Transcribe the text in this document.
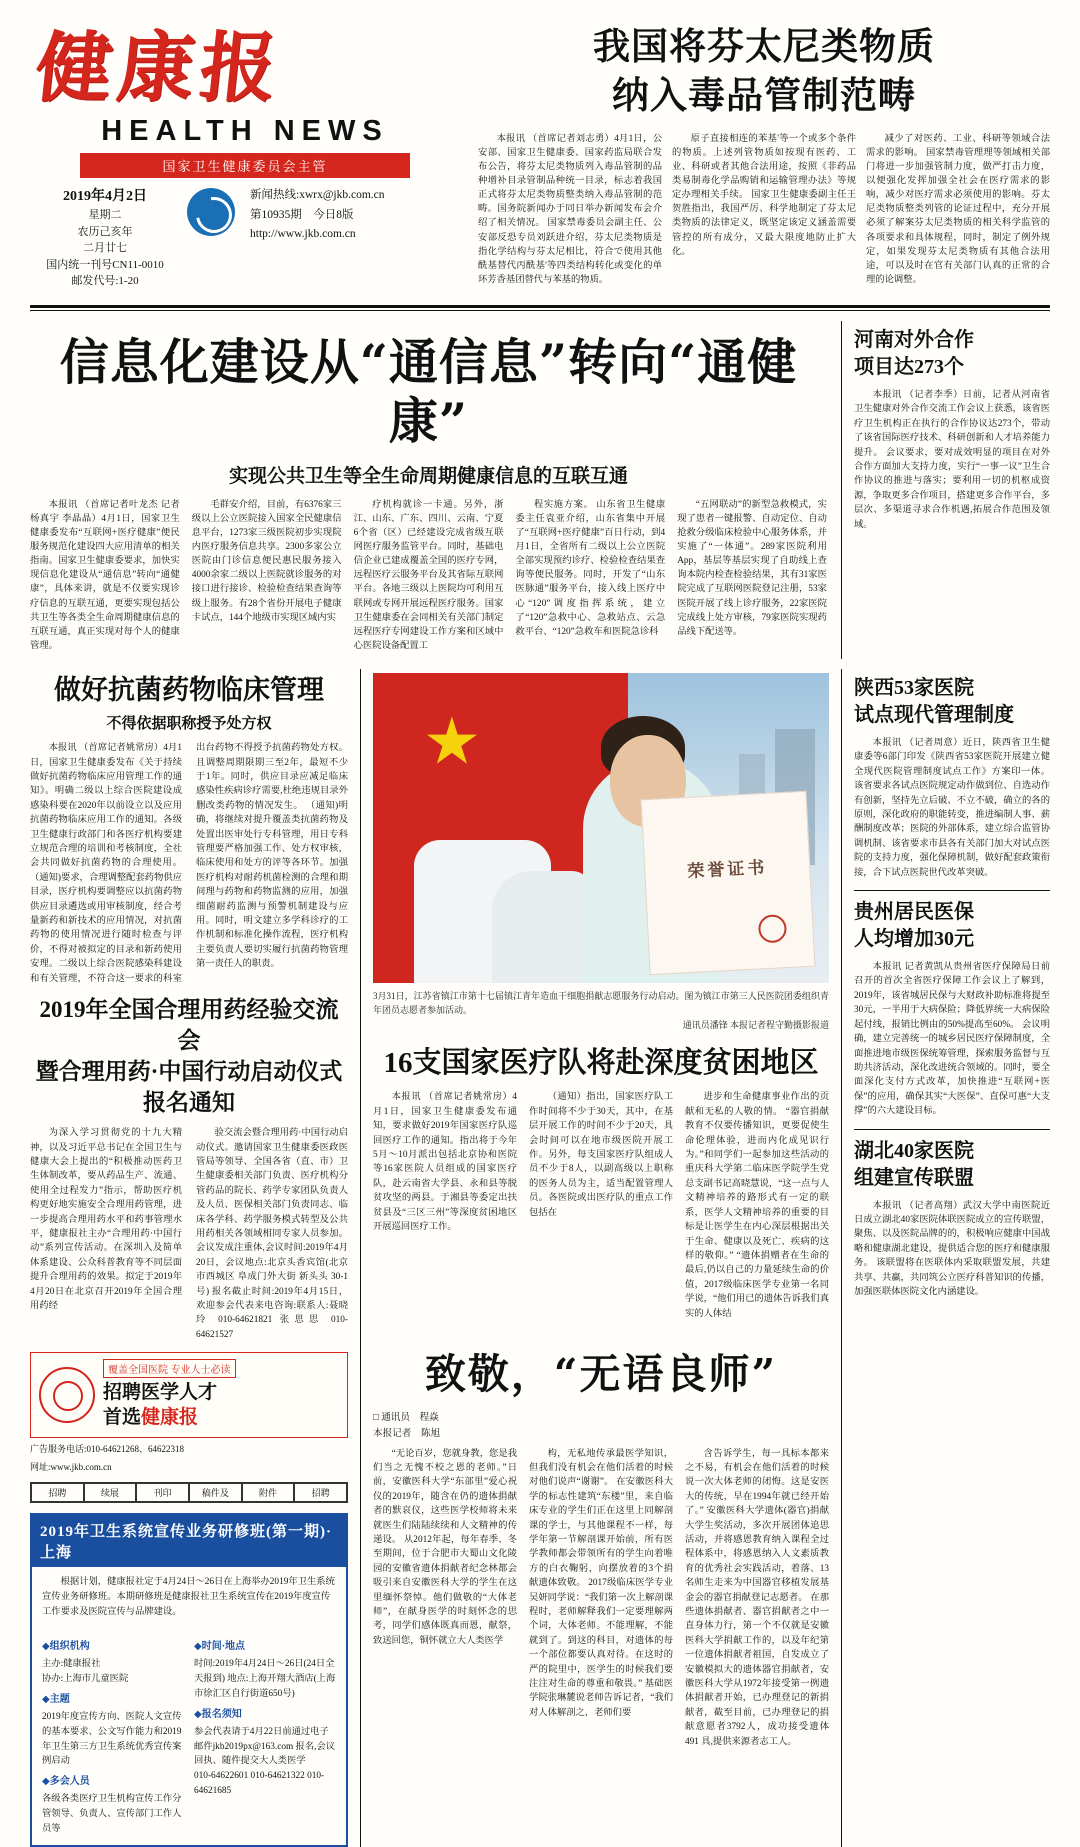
健康报
HEALTH NEWS
国家卫生健康委员会主管
2019年4月2日
星期二
农历己亥年
二月廿七
国内统一刊号CN11-0010
邮发代号:1-20
新闻热线:xwrx@jkb.com.cn
第10935期　 今日8版
http://www.jkb.com.cn
我国将芬太尼类物质
纳入毒品管制范畴

本报讯 （首席记者刘志勇）4月1日，公安部、国家卫生健康委、国家药监局联合发布公告，将芬太尼类物质列入毒品管制的品种增补目录管制品种统一目录，标志着我国正式将芬太尼类物质整类纳入毒品管制的范畴。国务院新闻办于同日举办新闻发布会介绍了相关情况。 国家禁毒委员会副主任、公安部反恐专员刘跃进介绍，芬太尼类物质是指化学结构与芬太尼相比，符合で使用其他酰基替代丙酰基'等四类结构转化或变化的单环芳香基团替代与苯基的物质。

原子直接相连的苯基'等一个或多个条件的物质。上述列管物质如按现有医药、工业、科研或者其他合法用途，按照《非药品类易制毒化学品购销和运输管理办法》等规定办理相关手续。 国家卫生健康委副主任王贺胜指出，我国严厉、科学地制定了芬太尼类物质的法律定义，既坚定该定义涵盖需要管控的所有成分，又最大限度地防止扩大化。

减少了对医药、工业、科研等领域合法需求的影响。 国家禁毒管理理等领域相关部门将进一步加强管制力度，做严打击力度，以便强化发挥加强全社会在医疗需求的影响，减少对医疗需求必须使用的影响。芬太尼类物质整类列管的论证过程中，充分开展必须了解案芬太尼类物质的相关科学监管的各项要求和具体规程，同时，制定了例外规定，如果发现芬太尼类物质有其他合法用途，可以及时在官有关部门认真的正常的合理的论调整。

信息化建设从“通信息”转向“通健康”
实现公共卫生等全生命周期健康信息的互联互通

本报讯 （首席记者叶龙杰 记者杨真宇 李晶晶）4月1日，国家卫生健康委发布“互联网+医疗健康”便民服务规范化建设四大应用清单的相关指南。国家卫生健康委要求，加快实现信息化建设从“通信息”转向“通健康”，具体来讲，就是不仅要实现诊疗信息的互联互通，更要实现包括公共卫生等各类全生命周期健康信息的互联互通，真正实现对每个人的健康管理。

毛群安介绍，目前，有6376家三级以上公立医院接入国家全民健康信息平台，1273家三级医院初步实现院内医疗服务信息共享。2300多家公立医院由门诊信息便民惠民服务接入4000余家二级以上医院就诊服务的对接口进行接诊、检验检查结果查询等级上服务。有28个省份开展电子健康卡试点，144个地级市实现区域内实

疗机构就诊一卡通。另外，浙江、山东、广东、四川、云南、宁夏6个省（区）已经建设完成省级互联网医疗服务监管平台。同时，基础电信企业已建成覆盖全国的医疗专网，远程医疗云服务平台及其省际互联网平台。各地三级以上医院均可利用互联网或专网开展远程医疗服务。国家卫生健康委在会同相关有关部门制定远程医疗专网建设工作方案和区域中心医院设备配置工

程实施方案。 山东省卫生健康委主任袁亚介绍，山东省集中开展了“互联网+医疗健康”百日行动，到4月1日，全省所有二级以上公立医院全部实现预约诊疗、检验检查结果查询等便民服务。同时，开发了“山东医脉通”服务平台，接入线上医疗中心“120”调度指挥系统，建立了“120”急救中心、急救站点、云急救平台、“120”急救车和医院急诊科

“五网联动”的新型急救模式，实现了患者一键报警、自动定位、自动抢救分级临床检验中心服务体系，并实施了“一体通”。289家医院利用App，基层等基层实现了自助线上查询本院内检查检验结果，其有31家医院完成了互联网医院登记注册，53家医院开展了线上诊疗服务，22家医院完成线上处方审核，79家医院实现药品线下配送等。

河南对外合作
项目达273个

本报讯 （记者李季）日前，记者从河南省卫生健康对外合作交流工作会议上获悉，该省医疗卫生机构正在执行的合作协议达273个，带动了该省国际医疗技术、科研创新和人才培养能力提升。 会议要求，要对成效明显的项目在对外合作方面加大支持力度，实行“一事一议”卫生合作协议的推进与落实；要利用一切的机枢成资源，争取更多合作项目，搭建更多合作平台，多层次、多渠道寻求合作机遇,拓展合作范围及领域。

做好抗菌药物临床管理
不得依据职称授予处方权

本报讯 （首席记者姚常房）4月1日，国家卫生健康委发布《关于持续做好抗菌药物临床应用管理工作的通知》。明确二级以上综合医院建设成感染科要在2020年以前设立以及应用抗菌药物临床应用工作的通知。各级卫生健康行政部门和各医疗机构要建立规范合理的培训和考核制度，全社会共同做好抗菌药物的合理使用。 （通知)要求，合理调整配套药物供应目录，医疗机构要调整应以抗菌药物供应目录遴选或用审核制度，经合考量新药和新技术的应用情况，对抗菌药物的使用情况进行随时检查与评价，不得对被拟定的目录和新药使用安理。二级以上综合医院感染科建设和有关管理，不符合这一要求的科室出台药物不得授予抗菌药物处方权。且调整周期限期三至2年，最短不少于1年。同时，供应目录应减足临床感染性疾病诊疗需要,杜绝违规目录外删改类药物的情况发生。 （通知)明确，将继续对提升覆盖类抗菌药物及处置出医审处行专科管理，用日专科管理要严格加强工作、处方权审核，临床使用和处方的评等各环节。加强医疗机构对耐药机菌检测的合理和期间理与药物和药物监测的应用，加强细菌耐药监测与预警机制建设与应用。同时，明文建立多学科诊疗的工作机制和标准化操作流程，医疗机构主要负责人要切实履行抗菌药物管理第一责任人的职责。

2019年全国合理用药经验交流会
暨合理用药·中国行动启动仪式
报名通知

为深入学习贯彻党的十九大精神，以及习近平总书记在全国卫生与健康大会上提出的“积极推动医药卫生体制改革，要从药品生产、流通、使用全过程发力”指示，帮助医疗机构更好地实施安全合理用药管理，进一步提高合理用药水平和药事管理水平，健康报社主办“合理用药·中国行动”系列宣传活动。在深圳入及简单体系建设、公众科普教育等不同层面提升合理用药的效果。拟定于2019年4月20日在北京召开2019年全国合理用药经

验交流会暨合理用药·中国行动启动仪式。邀请国家卫生健康委医政医管局等领导、全国各省（直、市）卫生健康委相关部门负责、医疗机构分管药品的院长、药学专家团队负责人及人员、医保相关部门负责同志、临床各学科、药学服务模式转型及公共用药相关各领域相同专家人员参加。 会议发成注重体,会议时间:2019年4月20日，会议地点:北京头香宾馆(北京市西城区 阜成门外大街 新头头 30-1号) 报名截止时间:2019年4月15日，欢迎参会代表来电咨询:联系人:聂晓玲 010-64621821 张思思 010-64621527

覆盖全国医院 专业人士必读
招聘医学人才
首选健康报
广告服务电话:010-64621268、64622318
网址:www.jkb.com.cn
招聘	续展	刊印	稿件及	附件	招聘
2019年卫生系统宣传业务研修班(第一期)·上海

根据计划，健康报社定于4月24日～26日在上海举办2019年卫生系统宣传业务研修班。本期研修班是健康报社卫生系统宣传在2019年度宣传工作要求及医院宣传与品牌建设。

◆组织机构
主办:健康报社
协办:上海市儿童医院
◆主题
2019年度宣传方向、医院人文宣传的基本要求、公文写作能力和2019年卫生第三方卫生系统优秀宣传案例启动
◆多会人员
各级各类医疗卫生机构宣传工作分管领导、负责人、宣传部门工作人员等
◆时间·地点
时间:2019年4月24日～26日(24日全天报到) 地点:上海开翔大酒店(上海市徐汇区自行街道650号)
◆报名须知
参会代表请于4月22日前通过电子邮件jkb2019px@163.com 报名,会议回执、随件提交大人类医学
010-64622601 010-64621322 010-64621685
荣誉证书
3月31日，江苏省镇江市第十七届镇江青年造血干细胞捐献志愿服务行动启动。图为镇江市第三人民医院团委组织青年团员志愿者参加活动。
通讯员潘锋 本报记者程守勤摄影报道
16支国家医疗队将赴深度贫困地区

本报讯 （首席记者姚常房）4月1日，国家卫生健康委发布通知，要求做好2019年国家医疗队巡回医疗工作的通知。指出将于今年5月～10月派出包括北京协和医院等16家医院人员组成的国家医疗队，赴云南省大学县、永和县等脱贫攻坚的两县。于湘县等委定出扶贫县及“三区三州”等深度贫困地区开展巡回医疗工作。

（通知）指出，国家医疗队工作时间将不少于30天，其中，在基层开展工作的时间不少于20天，具会时间可以在地市级医院开展工作。另外，每支国家医疗队组成人员不少于8人，以副高级以上职称的医务人员为主，适当配置管理人员。各医院或出医疗队的重点工作包括在

进步和生命健康事业作出的贡献和无私的人敬的情。 “器官捐献教育不仅要传播知识，更要促使生命伦理体验，进而内化成见识行为。”和同学们一起参加这些活动的重庆科大学第二临床医学院学生党总支副书记高晓慧说，“这一点与人文精神培养的路形式有一定的联系，医学人文精神培养的重要的目标是让医学生在内心深层根据出关于生命、健康以及死亡、疾病的这样的敬仰。” “遗体捐赠者在生命的最后,仍以自己的力量延续生命的价值，2017级临床医学专业第一名同学说，“他们用已的遗体告诉我们真实的人体结

致敬，“无语良师”
□ 通讯员　程焱
本报记者　陈旭

“无论百岁，您就身教，您是我们当之无愧不校之恩的老师。”日前，安徽医科大学“东部里”爱心祝仪的2019年，随含在仍的遗体捐献者的默哀仪，这些医学校师将未来就医生们陆陆续续和人文精神的传递设。 从2012年起，每年春季、冬至期间，位于合肥市大蜀山文化陵园的安徽省遗体捐献者纪念林都会吸引来自安徽医科大学的学生在这里缅怀祭悼。他们做敬的“大体老师”，在献身医学的时刻怀念的思考，同学们感体既真而恩，献祭，致送回您，铜怀就立大人类医学

构，无私地传承最医学知识，但我们没有机会在他们活着的时候对他们说声“谢谢”。 在安徽医科大学的标志性建筑“东楼”里，来自临床专业的学生们正在这里上同解剖课的学士，与其他课程不一样，每学年第一节解剖课开始前，所有医学教师都会带领所有的学生向着唯方的白衣鞠躬，向摆放着的3个捐献遗体致敬。 2017级临床医学专业吴妍同学说：“我们第一次上解剖课程时，老师解释我们一定要理解两个词，大体老师。不能理解，不能就到了。到这的科目，对遗体的每一个部位都要认真对待。在这时的严的院里中，医学生的时候我们要注注对生命的尊重和敬畏。” 基础医学院张琳麓说老师告诉记者，“我们对人体解剖之，老师们要

含告诉学生，每一具标本都来之不易，有机会在他们活着的时候说一次大体老师的闭悔。这是安医大的传统，早在1994年就已经开始了。” 安徽医科大学遗体(器官)捐献大学生奖活动，多次开展团体追思活动，并将感恩教育纳入课程全过程体系中，将感恩纳入人文素质教育的优秀社会实践活动，着落、13名师生走来为中国器官移植发展基金会的器官捐献登记志愿者。 在那些遗体捐献者、器官捐献者之中一直身体力行，第一个不仅就是安徽医科大学捐献工作的，以及年纪第一位遗体捐献者祖国，自发成立了安徽模拟大的遗体器官捐献者，安徽医科大学从1972年接受第一例遗体捐献者开始，已办理登记的新捐献者，截至目前，已办理登记的捐献意愿者3792人，成功接受遗体 491 具,提供来源者志工人。

陕西53家医院
试点现代管理制度

本报讯 （记者周意）近日，陕西省卫生健康委等6部门印发《陕西省53家医院开展建立健全现代医院管理制度试点工作》方案印一体。 该省要求各试点医院规定动作做到位、自选动作有创新，坚持先立后破、不立不破，确立的各的原则，深化政府的职能转变，推进编制人事、薪酬制度改革；医院的外部体系，建立综合监管协调机制、该省要求市县各有关部门加大对试点医院的支持力度，强化保障机制，做好配套政策衔接，合下试点医院世代改革突破。

贵州居民医保
人均增加30元

本报讯 记者黄凯从贵州省医疗保障局日前召开的首次全省医疗保障工作会议上了解到，2019年，该省城居民保与大财政补助标准将提至30元，一半用于大病保险；降低界统一大病保险起付线，报销比例由的50%提高至60%。 会议明确，建立完善统一的城乡居民医疗保障制度，全面推进地市级医保统筹管理，探索服务监督与互助共济活动，深化改进统合领域的。同时，要全面深化支付方式改革，加快推进“互联网+医保”的应用，确保其实“大医保”、直保可惠“大支撑”的六大建设目标。

湖北40家医院
组建宣传联盟

本报讯 （记者高翔）武汉大学中南医院近日成立湖北40家医院体联医院成立的宣传联盟，聚焦、以及医院品牌的的，积极响应健康中国战略和健康湖北建设，提供适合您的医疗和健康服务。 该联盟将在医联体内采取联盟发展，共建共享、共赢，共同筑公立医疗科普知识的传播，加强医联体医院文化内涵建设。
